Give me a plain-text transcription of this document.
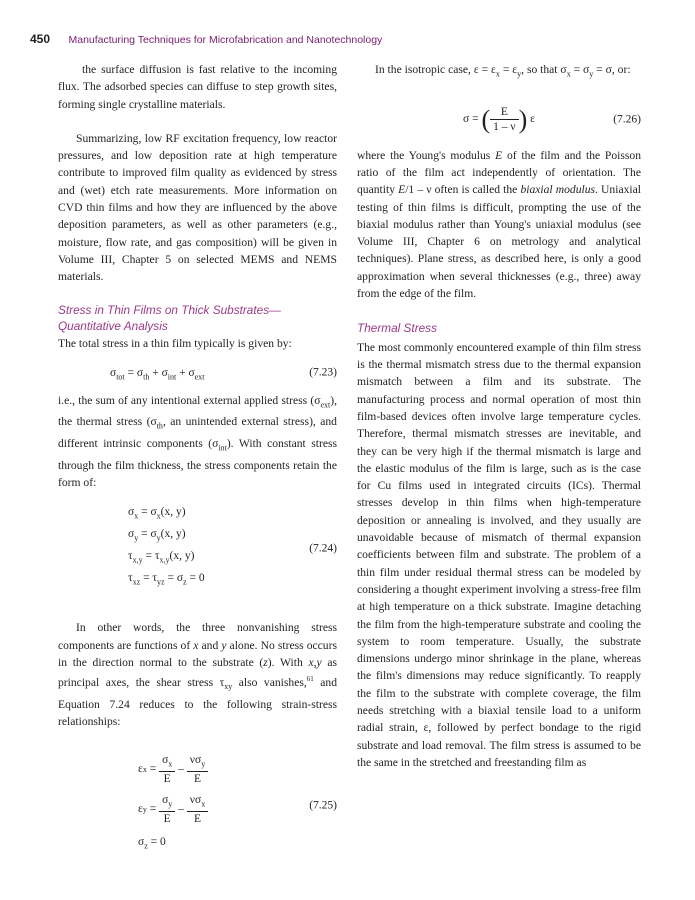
450 Manufacturing Techniques for Microfabrication and Nanotechnology

the surface diffusion is fast relative to the incoming flux. The adsorbed species can diffuse to step growth sites, forming single crystalline materials.

Summarizing, low RF excitation frequency, low reactor pressures, and low deposition rate at high temperature contribute to improved film quality as evidenced by stress and (wet) etch rate measurements. More information on CVD thin films and how they are influenced by the above deposition parameters, as well as other parameters (e.g., moisture, flow rate, and gas composition) will be given in Volume III, Chapter 5 on selected MEMS and NEMS materials.

Stress in Thin Films on Thick Substrates—Quantitative Analysis

The total stress in a thin film typically is given by:

$\sigma_{tot} = \sigma_{th} + \sigma_{int} + \sigma_{ext}$	(7.23)

i.e., the sum of any intentional external applied stress $(\sigma_{ext})$, the thermal stress ($\sigma_{th}$, an unintended external stress), and different intrinsic components $(\sigma_{int})$. With constant stress through the film thickness, the stress components retain the form of:

$\sigma_x = \sigma_x(x$, y)
$\sigma_y = \sigma_y(x$, y)
$\tau_{x,y} = \tau_{x,y}(x$, y)
$\tau_{xz} = \tau_{yz} = \sigma_z = 0$
(7.24)

In other words, the three nonvanishing stress components are functions of x and y alone. No stress occurs in the direction normal to the substrate (z). With x,y as principal axes, the shear stress $\tau_{xy}$ also vanishes,$^{61}$ and Equation 7.24 reduces to the following strain-stress relationships:

ε $x = \frac{\sigma_x}{E} - \frac{\nu\sigma_y}{E}$
ε $y = \frac{\sigma_y}{E} - \frac{\nu\sigma_x}{E}$
$\sigma_z = 0$
(7.25)

In the isotropic case, $\varepsilon = \varepsilon_x = \varepsilon_y$, so that $\sigma_x = \sigma_y = \sigma$, or:

σ = ( $\frac{E}{1 - \nu}$ ) ε	(7.26)

where the Young's modulus E of the film and the Poisson ratio of the film act independently of orientation. The quantity E/1 – ν often is called the biaxial modulus. Uniaxial testing of thin films is difficult, prompting the use of the biaxial modulus rather than Young's uniaxial modulus (see Volume III, Chapter 6 on metrology and analytical techniques). Plane stress, as described here, is only a good approximation when several thicknesses (e.g., three) away from the edge of the film.

Thermal Stress

The most commonly encountered example of thin film stress is the thermal mismatch stress due to the thermal expansion mismatch between a film and its substrate. The manufacturing process and normal operation of most thin film-based devices often involve large temperature cycles. Therefore, thermal mismatch stresses are inevitable, and they can be very high if the thermal mismatch is large and the elastic modulus of the film is large, such as is the case for Cu films used in integrated circuits (ICs). Thermal stresses develop in thin films when high-temperature deposition or annealing is involved, and they usually are unavoidable because of mismatch of thermal expansion coefficients between film and substrate. The problem of a thin film under residual thermal stress can be modeled by considering a thought experiment involving a stress-free film at high temperature on a thick substrate. Imagine detaching the film from the high-temperature substrate and cooling the system to room temperature. Usually, the substrate dimensions undergo minor shrinkage in the plane, whereas the film's dimensions may reduce significantly. To reapply the film to the substrate with complete coverage, the film needs stretching with a biaxial tensile load to a uniform radial strain, ε, followed by perfect bondage to the rigid substrate and load removal. The film stress is assumed to be the same in the stretched and freestanding film as
